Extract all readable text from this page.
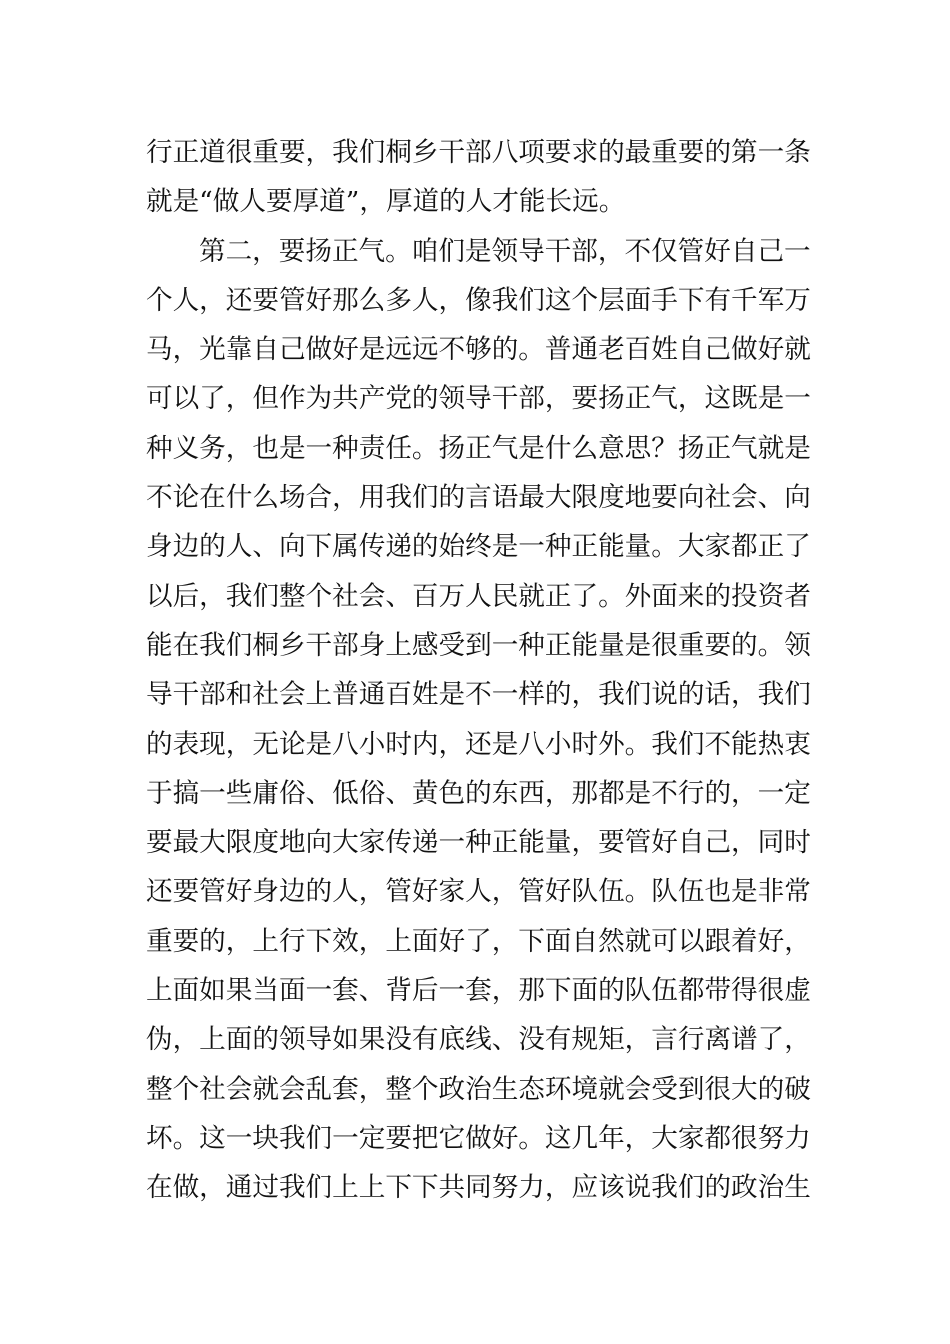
行正道很重要，我们桐乡干部八项要求的最重要的第一条
就是“做人要厚道”，厚道的人才能长远。
第二，要扬正气。咱们是领导干部，不仅管好自己一
个人，还要管好那么多人，像我们这个层面手下有千军万
马，光靠自己做好是远远不够的。普通老百姓自己做好就
可以了，但作为共产党的领导干部，要扬正气，这既是一
种义务，也是一种责任。扬正气是什么意思？扬正气就是
不论在什么场合，用我们的言语最大限度地要向社会、向
身边的人、向下属传递的始终是一种正能量。大家都正了
以后，我们整个社会、百万人民就正了。外面来的投资者
能在我们桐乡干部身上感受到一种正能量是很重要的。领
导干部和社会上普通百姓是不一样的，我们说的话，我们
的表现，无论是八小时内，还是八小时外。我们不能热衷
于搞一些庸俗、低俗、黄色的东西，那都是不行的，一定
要最大限度地向大家传递一种正能量，要管好自己，同时
还要管好身边的人，管好家人，管好队伍。队伍也是非常
重要的，上行下效，上面好了，下面自然就可以跟着好，
上面如果当面一套、背后一套，那下面的队伍都带得很虚
伪，上面的领导如果没有底线、没有规矩，言行离谱了，
整个社会就会乱套，整个政治生态环境就会受到很大的破
坏。这一块我们一定要把它做好。这几年，大家都很努力
在做，通过我们上上下下共同努力，应该说我们的政治生
